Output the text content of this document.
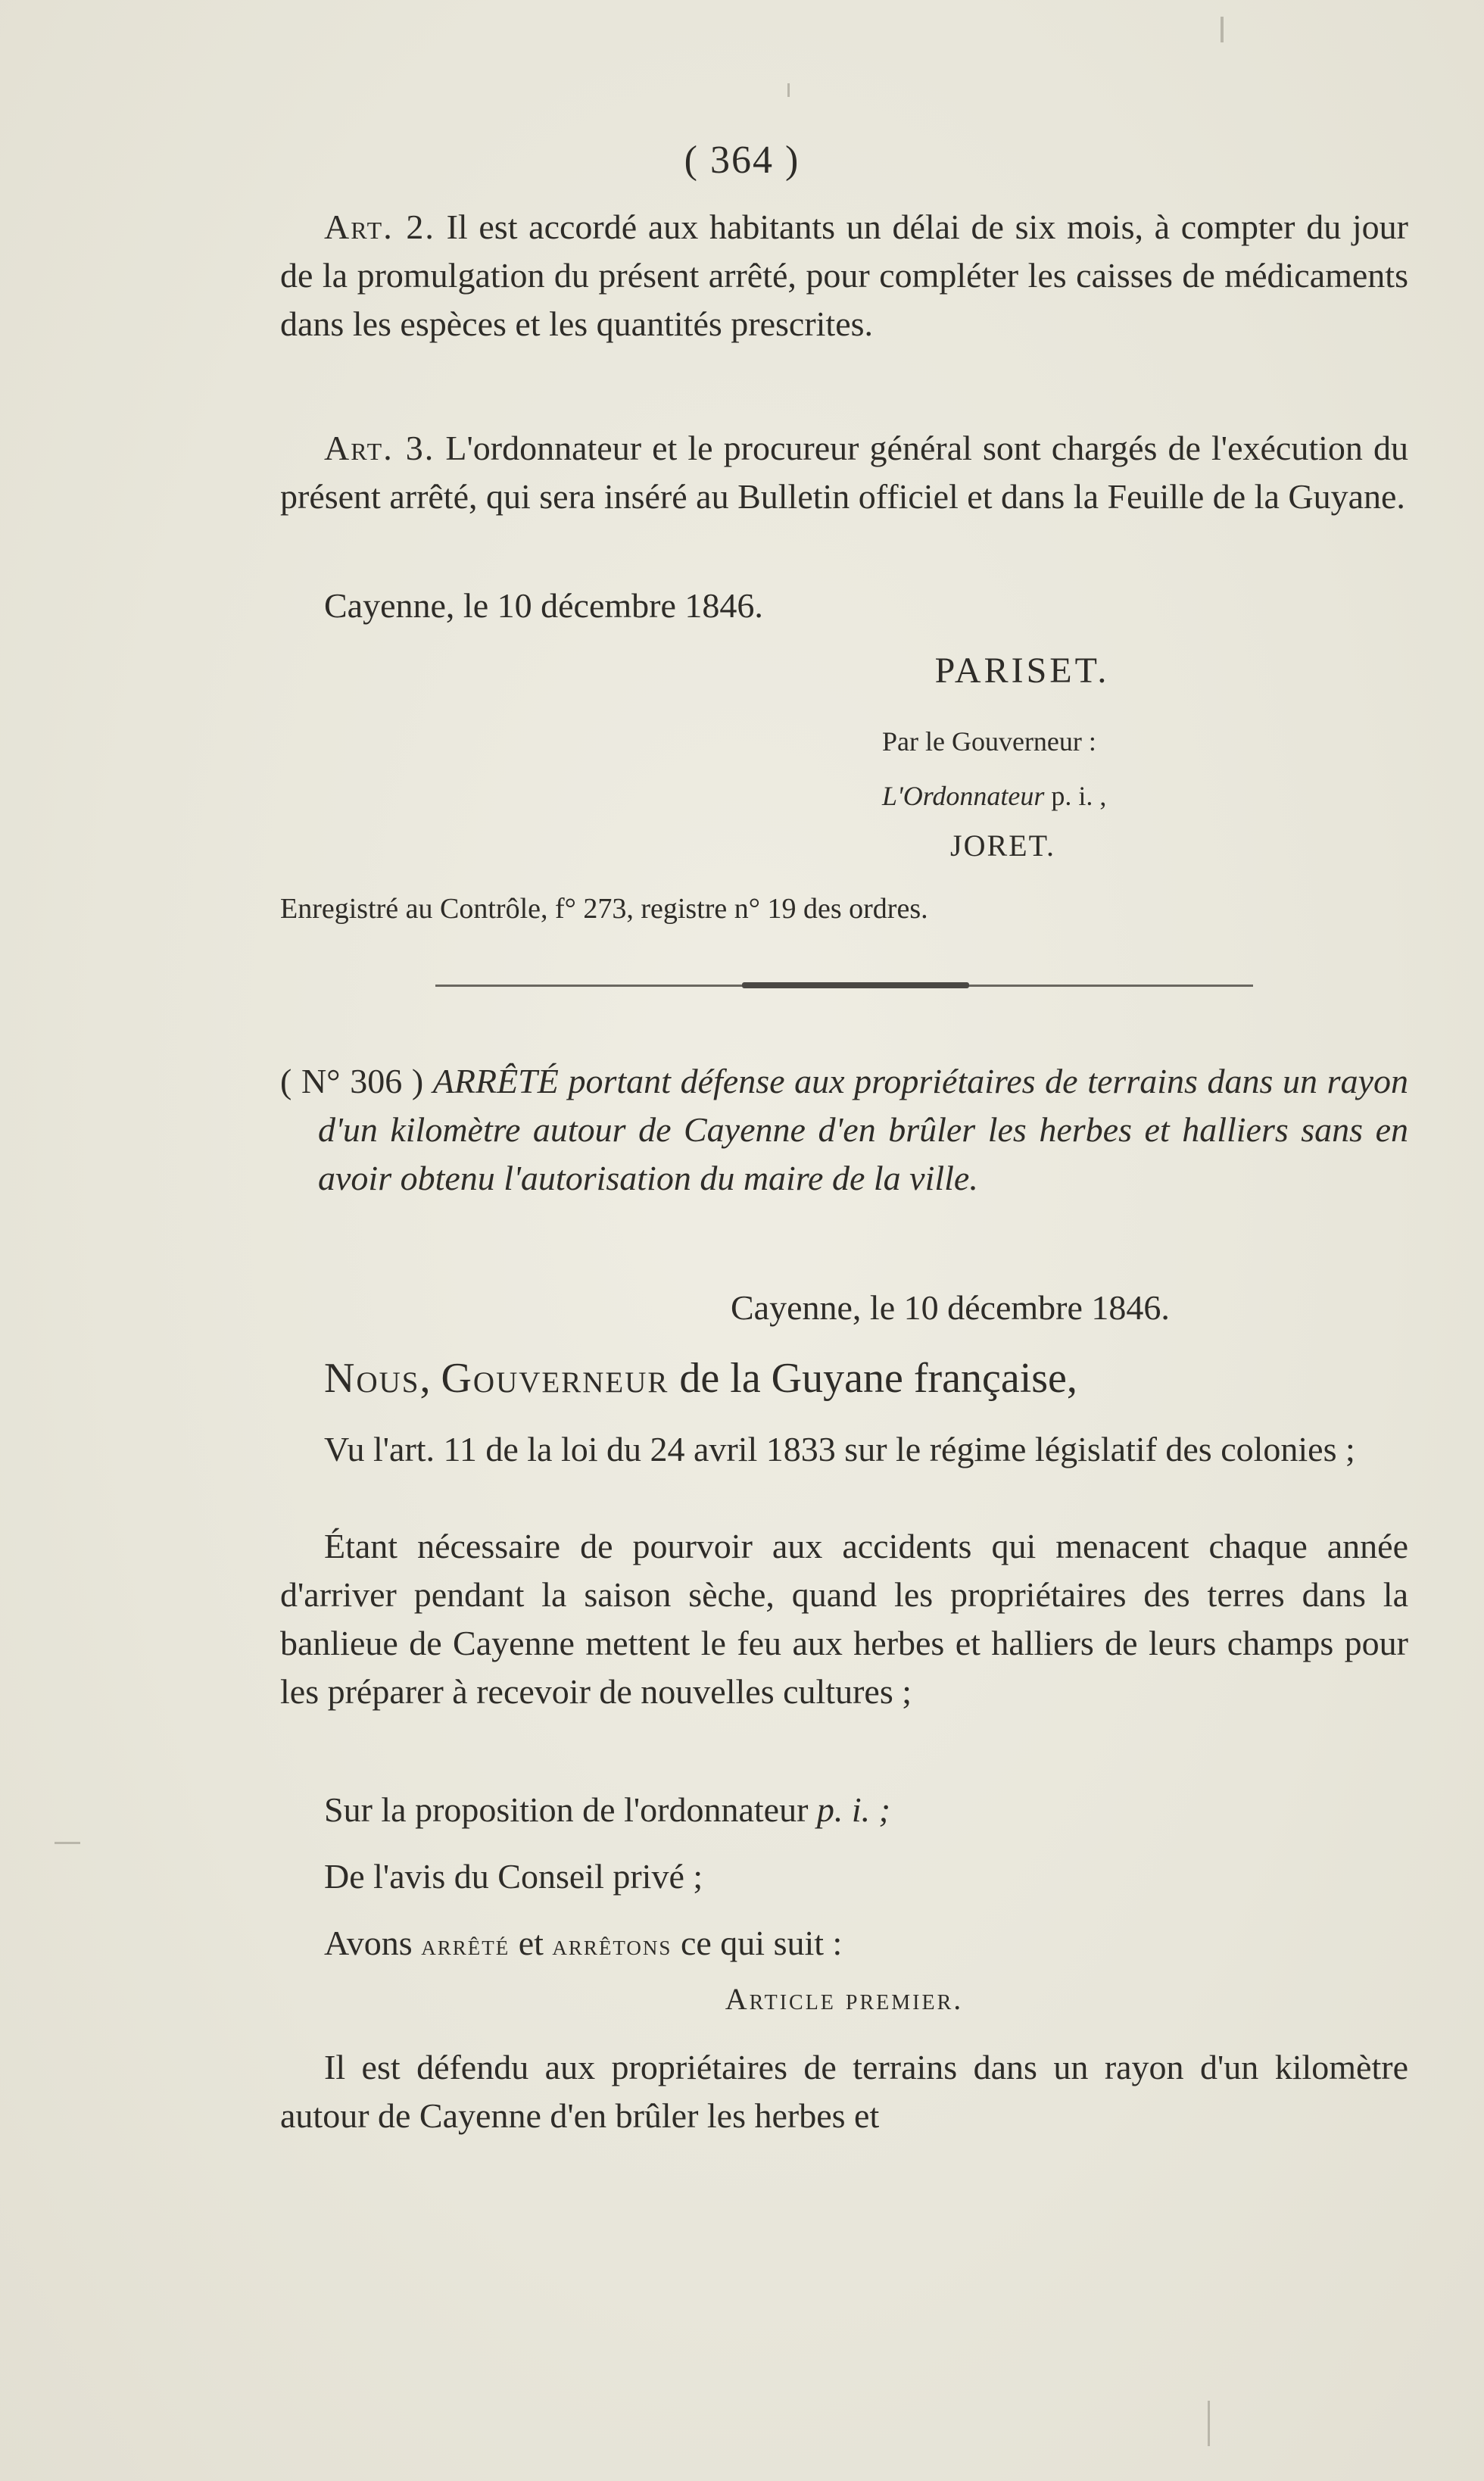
( 364 )

Art. 2. Il est accordé aux habitants un délai de six mois, à compter du jour de la promulgation du présent arrêté, pour compléter les caisses de médicaments dans les espèces et les quantités prescrites.

Art. 3. L'ordonnateur et le procureur général sont chargés de l'exécution du présent arrêté, qui sera inséré au Bulletin officiel et dans la Feuille de la Guyane.

Cayenne, le 10 décembre 1846.

PARISET.
Par le Gouverneur :
L'Ordonnateur p. i. ,
JORET.
Enregistré au Contrôle, f° 273, registre n° 19 des ordres.

( N° 306 ) ARRÊTÉ portant défense aux propriétaires de terrains dans un rayon d'un kilomètre autour de Cayenne d'en brûler les herbes et halliers sans en avoir obtenu l'autorisation du maire de la ville.

Cayenne, le 10 décembre 1846.

Nous, Gouverneur de la Guyane française,

Vu l'art. 11 de la loi du 24 avril 1833 sur le régime législatif des colonies ;

Étant nécessaire de pourvoir aux accidents qui menacent chaque année d'arriver pendant la saison sèche, quand les propriétaires des terres dans la banlieue de Cayenne mettent le feu aux herbes et halliers de leurs champs pour les préparer à recevoir de nouvelles cultures ;

Sur la proposition de l'ordonnateur p. i. ;

De l'avis du Conseil privé ;

Avons arrêté et arrêtons ce qui suit :

Article premier.

Il est défendu aux propriétaires de terrains dans un rayon d'un kilomètre autour de Cayenne d'en brûler les herbes et
